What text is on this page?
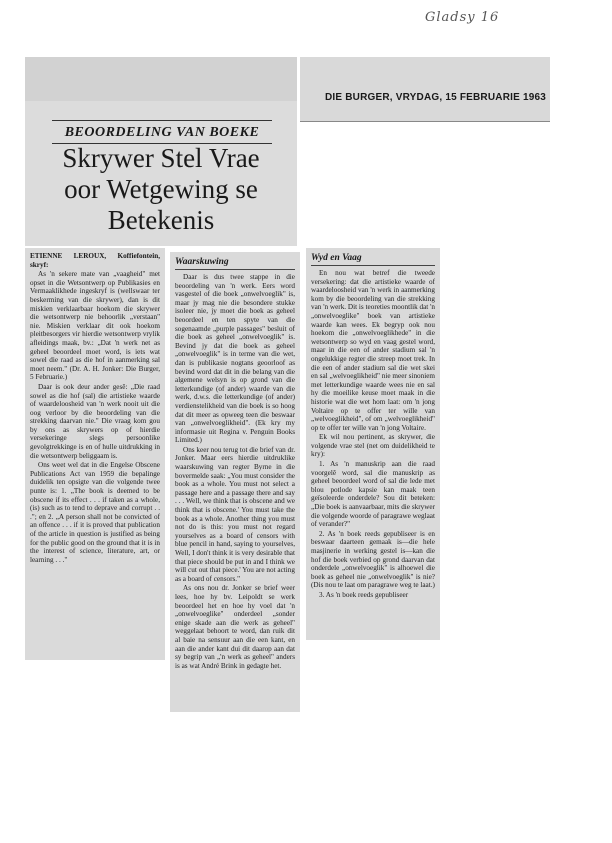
Gladsy 16
DIE BURGER, VRYDAG, 15 FEBRUARIE 1963
BEOORDELING VAN BOEKE
Skrywer Stel Vrae
oor Wetgewing se
Betekenis

ETIENNE LEROUX, Koffiefontein, skryf:

As 'n sekere mate van „vaagheid" met opset in die Wetsontwerp op Publikasies en Vermaaklikhede ingeskryf is (wellswaar ter beskerming van die skrywer), dan is dit miskien verklaarbaar hoekom die skrywer die wetsontwerp nie behoorlik „verstaan" nie. Miskien verklaar dit ook hoekom pleitbesorgers vir hierdie wetsontwerp vrylik afleidings maak, bv.: „Dat 'n werk net as geheel beoordeel moet word, is iets wat sowel die raad as die hof in aanmerking sal moet neem." (Dr. A. H. Jonker: Die Burger, 5 Februarie.)

Daar is ook deur ander gesê: „Die raad sowel as die hof (sal) die artistieke waarde of waardeloosheid van 'n werk nooit uit die oog verloor by die beoordeling van die strekking daarvan nie." Die vraag kom gou by ons as skrywers op of hierdie versekeringe slegs persoonlike gevolgtrekkinge is en of hulle uitdrukking in die wetsontwerp beliggaam is.

Ons weet wel dat in die Engelse Obscene Publications Act van 1959 die bepalinge duidelik ten opsigte van die volgende twee punte is: 1. „The book is deemed to be obscene if its effect . . . if taken as a whole, (is) such as to tend to deprave and corrupt . . ."; en 2. „A person shall not be convicted of an offence . . . if it is proved that publication of the article in question is justified as being for the public good on the ground that it is in the interest of science, literature, art, or learning . . ."

Waarskuwing

Daar is dus twee stappe in die beoordeling van 'n werk. Eers word vasgestel of die boek „onwelvoeglik" is, maar jy mag nie die besondere stukke isoleer nie, jy moet die boek as geheel beoordeel en ten spyte van die sogenaamde „purple passages" besluit of die boek as geheel „onwelvoeglik" is. Bevind jy dat die boek as geheel „onwelvoeglik" is in terme van die wet, dan is publikasie nogtans geoorloof as bevind word dat dit in die belang van die algemene welsyn is op grond van die letterkundige (of ander) waarde van die werk, d.w.s. die letterkundige (of ander) verdienstelikheid van die boek is so hoog dat dit meer as opweeg teen die beswaar van „onwelvoeglikheid". (Ek kry my informasie uit Regina v. Penguin Books Limited.)

Ons keer nou terug tot die brief van dr. Jonker. Maar eers hierdie uitdruklike waarskuwing van regter Byrne in die bovermelde saak: „You must consider the book as a whole. You must not select a passage here and a passage there and say . . . Well, we think that is obscene and we think that is obscene.' You must take the book as a whole. Another thing you must not do is this: you must not regard yourselves as a board of censors with blue pencil in hand, saying to yourselves, Well, I don't think it is very desirable that that piece should be put in and I think we will cut out that piece.' You are not acting as a board of censors."

As ons nou dr. Jonker se brief weer lees, hoe hy bv. Leipoldt se werk beoordeel het en hoe hy voel dat 'n „onwelvoeglike" onderdeel „sonder enige skade aan die werk as geheel" weggelaat behoort te word, dan ruik dit al baie na sensuur aan die een kant, en aan die ander kant dui dit daarop aan dat sy begrip van „'n werk as geheel" anders is as wat André Brink in gedagte het.

Wyd en Vaag

En nou wat betref die tweede versekering: dat die artistieke waarde of waardeloosheid van 'n werk in aanmerking kom by die beoordeling van die strekking van 'n werk. Dit is teoreties moontlik dat 'n „onwelvoeglike" boek van artistieke waarde kan wees. Ek begryp ook nou hoekom die „onwelvoeglikhede" in die wetsontwerp so wyd en vaag gestel word, maar in die een of ander stadium sal 'n ongelukkige regter die streep moet trek. In die een of ander stadium sal die wet skei en sal „welvoeglikheid" nie meer sinoniem met letterkundige waarde wees nie en sal hy die moeilike keuse moet maak in die historie wat die wet hom laat: om 'n jong Voltaire op te offer ter wille van „welvoeglikheid", of om „welvoeglikheid" op te offer ter wille van 'n jong Voltaire.

Ek wil nou pertinent, as skrywer, die volgende vrae stel (net om duidelikheid te kry):

1. As 'n manuskrip aan die raad voorgelê word, sal die manuskrip as geheel beoordeel word of sal die lede met blou potlode kapsie kan maak teen geïsoleerde onderdele? Sou dit beteken: „Die boek is aanvaarbaar, mits die skrywer die volgende woorde of paragrawe weglaat of verander?"

2. As 'n boek reeds gepubliseer is en beswaar daarteen gemaak is—die hele masjinerie in werking gestel is—kan die hof die boek verbied op grond daarvan dat onderdele „onwelvoeglik" is alhoewel die boek as geheel nie „onwelvoeglik" is nie? (Dis nou te laat om paragrawe weg te laat.)

3. As 'n boek reeds gepubliseer
